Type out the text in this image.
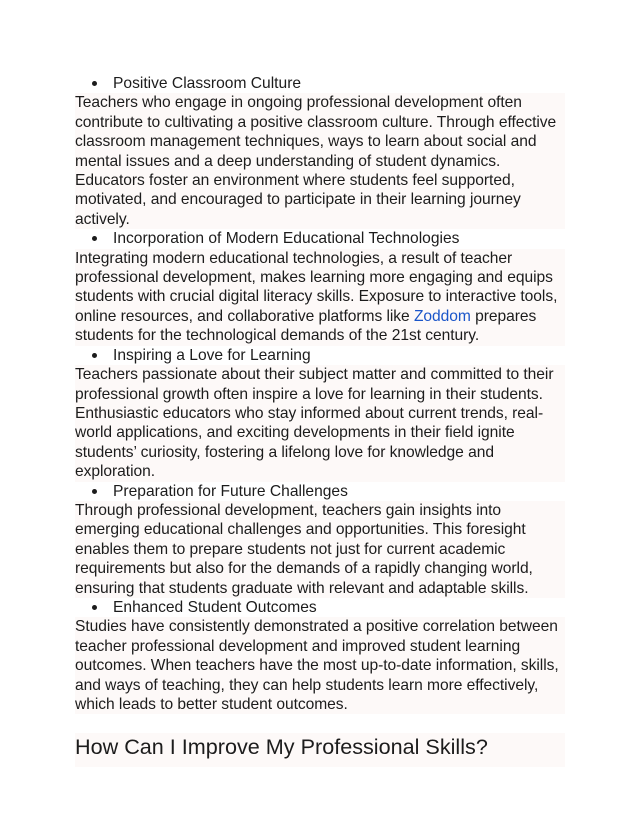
Positive Classroom Culture

Teachers who engage in ongoing professional development often contribute to cultivating a positive classroom culture. Through effective classroom management techniques, ways to learn about social and mental issues and a deep understanding of student dynamics. Educators foster an environment where students feel supported, motivated, and encouraged to participate in their learning journey actively.

Incorporation of Modern Educational Technologies

Integrating modern educational technologies, a result of teacher professional development, makes learning more engaging and equips students with crucial digital literacy skills. Exposure to interactive tools, online resources, and collaborative platforms like Zoddom prepares students for the technological demands of the 21st century.

Inspiring a Love for Learning

Teachers passionate about their subject matter and committed to their professional growth often inspire a love for learning in their students. Enthusiastic educators who stay informed about current trends, real-world applications, and exciting developments in their field ignite students’ curiosity, fostering a lifelong love for knowledge and exploration.

Preparation for Future Challenges

Through professional development, teachers gain insights into emerging educational challenges and opportunities. This foresight enables them to prepare students not just for current academic requirements but also for the demands of a rapidly changing world, ensuring that students graduate with relevant and adaptable skills.

Enhanced Student Outcomes

Studies have consistently demonstrated a positive correlation between teacher professional development and improved student learning outcomes. When teachers have the most up-to-date information, skills, and ways of teaching, they can help students learn more effectively, which leads to better student outcomes.

How Can I Improve My Professional Skills?
